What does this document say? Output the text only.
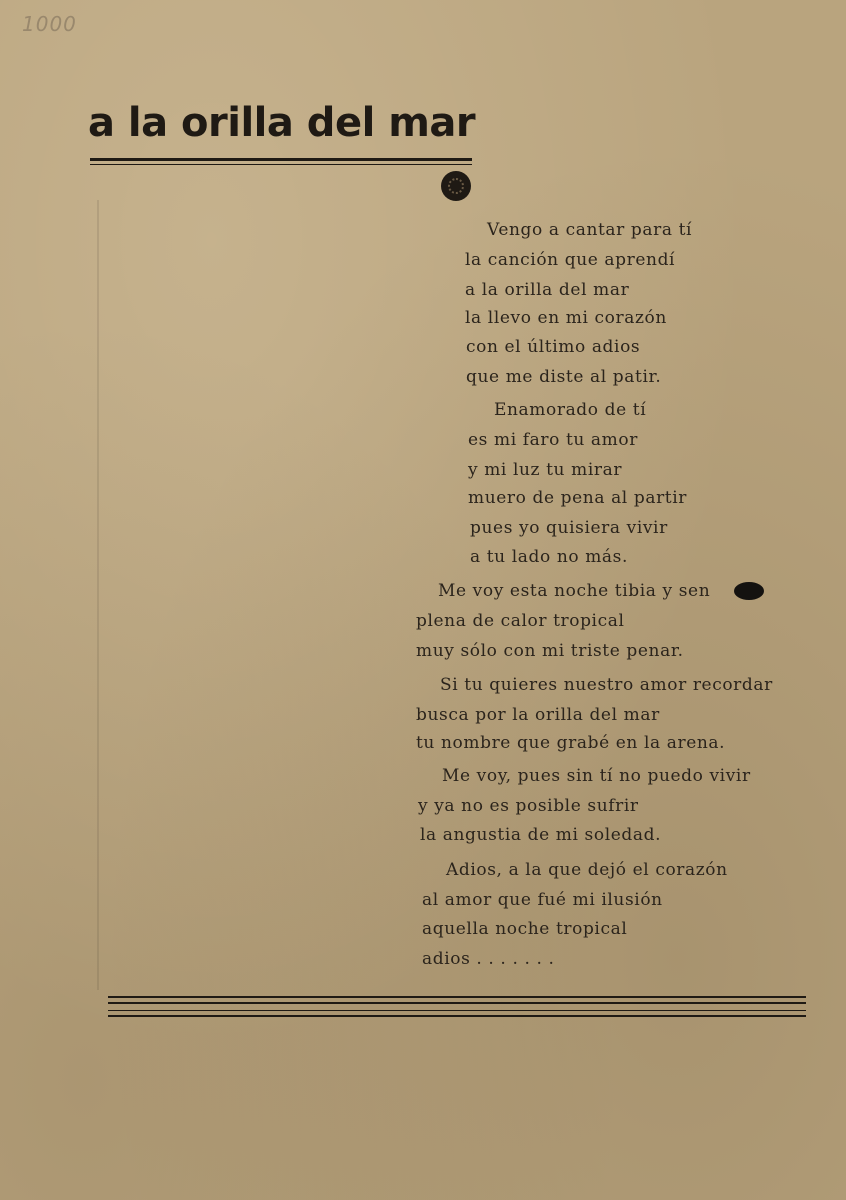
1000
a la orilla del mar
Vengo a cantar para tí
la canción que aprendí
a la orilla del mar
la llevo en mi corazón
con el último adios
que me diste al patir.
Enamorado de tí
es mi faro tu amor
y mi luz tu mirar
muero de pena al partir
pues yo quisiera vivir
a tu lado no más.
Me voy esta noche tibia y sen
plena de calor tropical
muy sólo con mi triste penar.
Si tu quieres nuestro amor recordar
busca por la orilla del mar
tu nombre que grabé en la arena.
Me voy, pues sin tí no puedo vivir
y ya no es posible sufrir
la angustia de mi soledad.
Adios, a la que dejó el corazón
al amor que fué mi ilusión
aquella noche tropical
adios . . . . . . .
